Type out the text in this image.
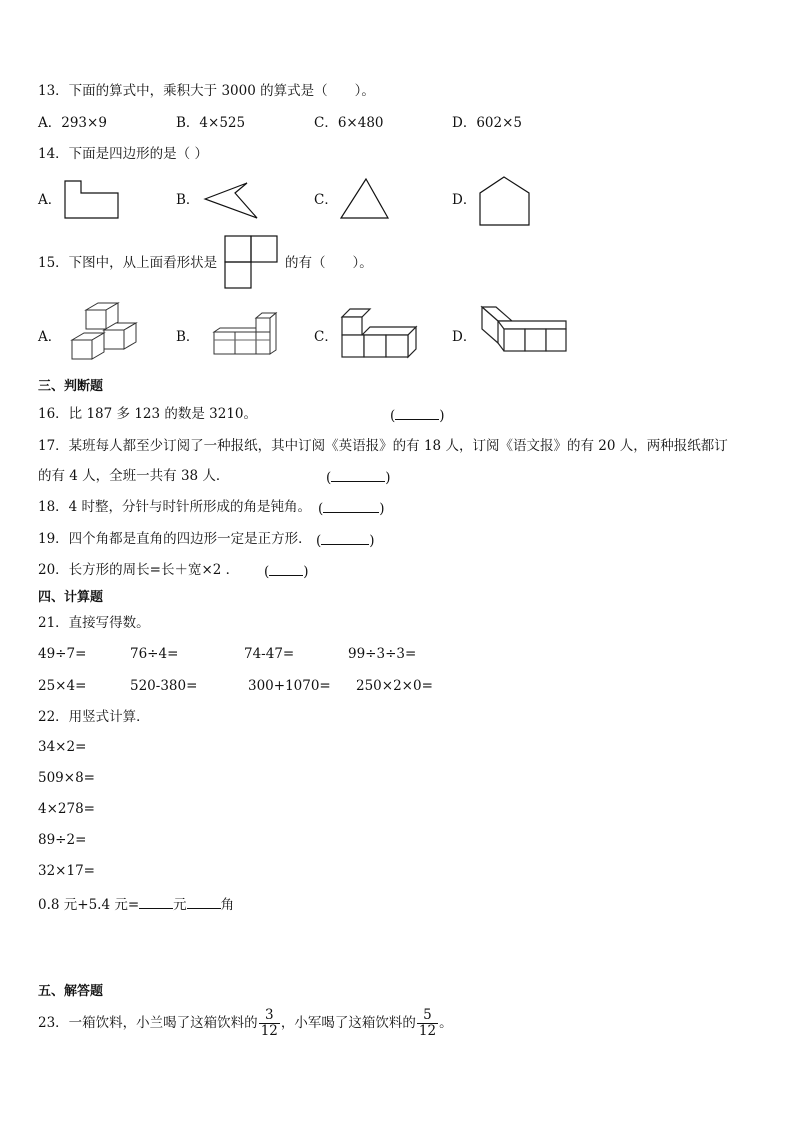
13．下面的算式中，乘积大于 3000 的算式是（　　）。
A．293×9	B．4×525	C．6×480	D．602×5
14．下面是四边形的是（ ）
A．	B．	C．	D．
15．下图中，从上面看形状是	的有（　　）。
A．	B．	C．	D．
三、判断题
16．比 187 多 123 的数是 3210。	(	)
17．某班每人都至少订阅了一种报纸，其中订阅《英语报》的有 18 人，订阅《语文报》的有 20 人，两种报纸都订
的有 4 人，全班一共有 38 人．	(	)
18．4 时整，分针与时针所形成的角是钝角。 (	)
19．四个角都是直角的四边形一定是正方形． (	)
20．长方形的周长=长＋宽×2 ． (	)
四、计算题
21．直接写得数。
49÷7=	76÷4=	74-47=	99÷3÷3=
25×4=	520-380=	300+1070= 250×2×0=
22．用竖式计算．
34×2=
509×8=
4×278=
89÷2=
32×17=
0.8 元+5.4 元=	元	角
五、解答题
23．一箱饮料，小兰喝了这箱饮料的 $\frac{3}{12}$ ，小军喝了这箱饮料的 $\frac{5}{12}$ 。
